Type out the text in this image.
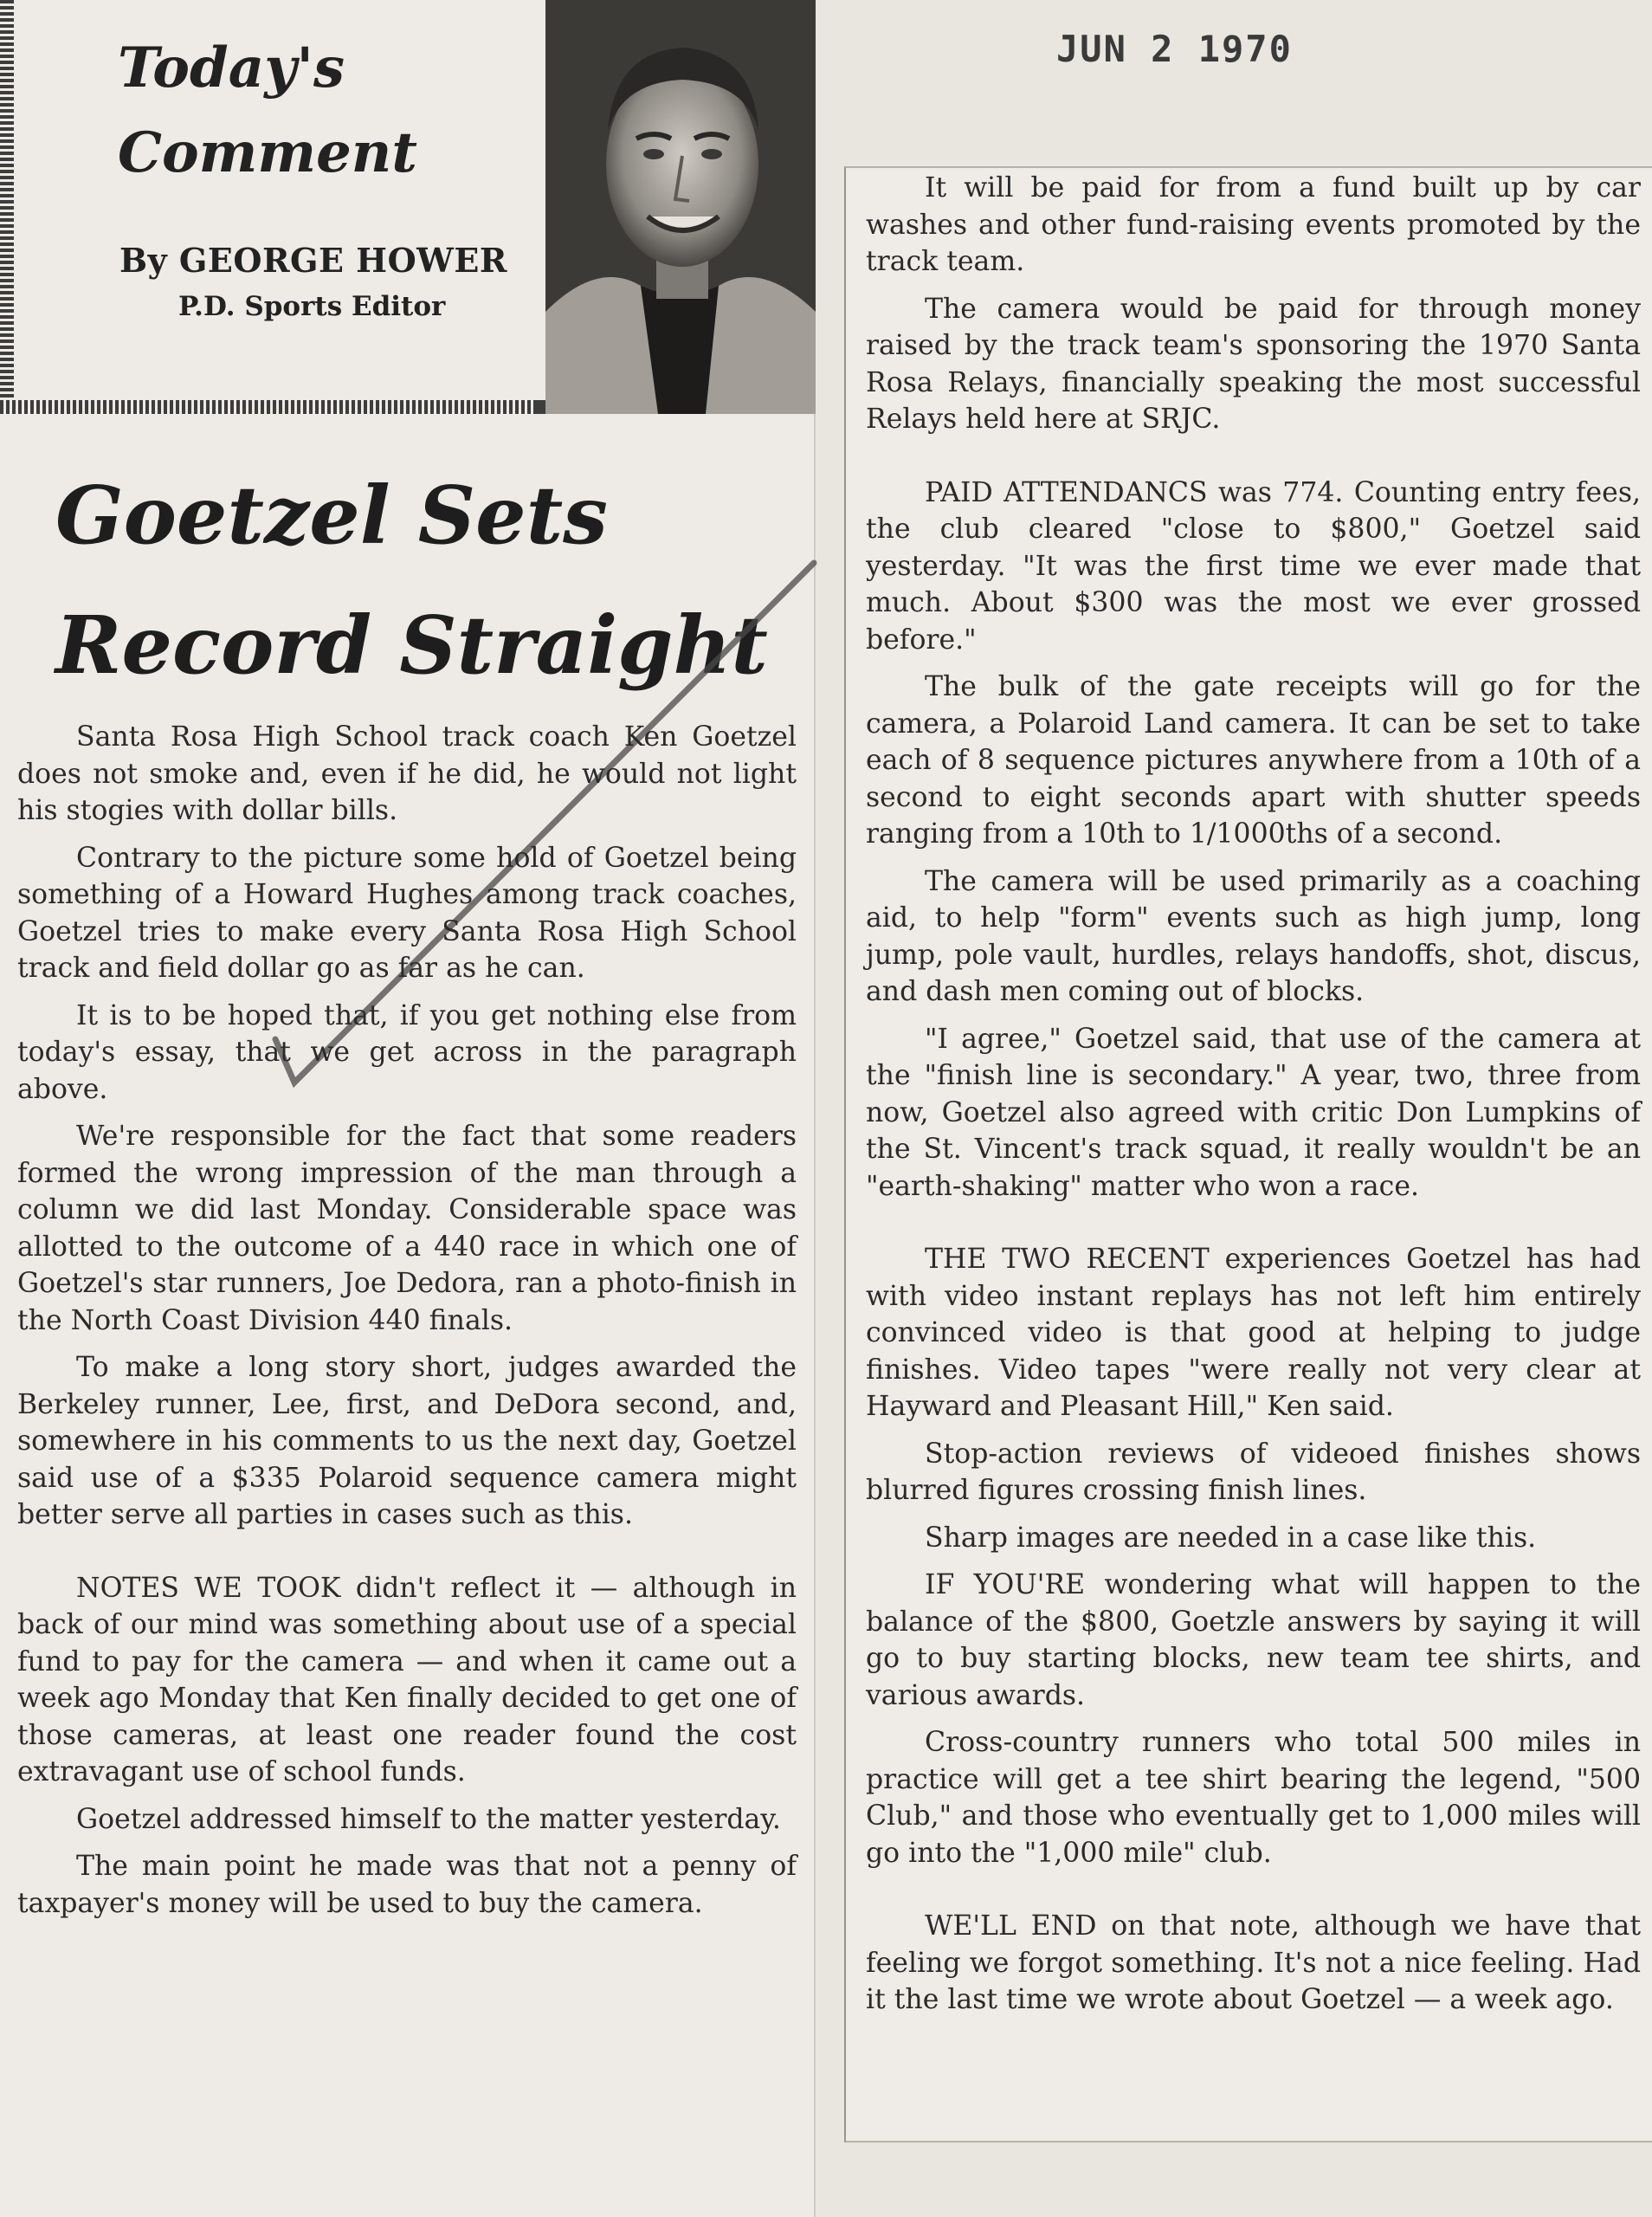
JUN 2 1970
Today's
Comment
By GEORGE HOWER
P.D. Sports Editor
Goetzel Sets
Record Straight

Santa Rosa High School track coach Ken Goetzel does not smoke and, even if he did, he would not light his stogies with dollar bills.

Contrary to the picture some hold of Goetzel being something of a Howard Hughes among track coaches, Goetzel tries to make every Santa Rosa High School track and field dollar go as far as he can.

It is to be hoped that, if you get nothing else from today's essay, that we get across in the paragraph above.

We're responsible for the fact that some readers formed the wrong impression of the man through a column we did last Monday. Considerable space was allotted to the outcome of a 440 race in which one of Goetzel's star runners, Joe Dedora, ran a photo-finish in the North Coast Division 440 finals.

To make a long story short, judges awarded the Berkeley runner, Lee, first, and DeDora second, and, somewhere in his comments to us the next day, Goetzel said use of a $335 Polaroid sequence camera might better serve all parties in cases such as this.

NOTES WE TOOK didn't reflect it — although in back of our mind was something about use of a special fund to pay for the camera — and when it came out a week ago Monday that Ken finally decided to get one of those cameras, at least one reader found the cost extravagant use of school funds.

Goetzel addressed himself to the matter yesterday.

The main point he made was that not a penny of taxpayer's money will be used to buy the camera.

It will be paid for from a fund built up by car washes and other fund-raising events promoted by the track team.

The camera would be paid for through money raised by the track team's sponsoring the 1970 Santa Rosa Relays, financially speaking the most successful Relays held here at SRJC.

PAID ATTENDANCS was 774. Counting entry fees, the club cleared "close to $800," Goetzel said yesterday. "It was the first time we ever made that much. About $300 was the most we ever grossed before."

The bulk of the gate receipts will go for the camera, a Polaroid Land camera. It can be set to take each of 8 sequence pictures anywhere from a 10th of a second to eight seconds apart with shutter speeds ranging from a 10th to 1/1000ths of a second.

The camera will be used primarily as a coaching aid, to help "form" events such as high jump, long jump, pole vault, hurdles, relays handoffs, shot, discus, and dash men coming out of blocks.

"I agree," Goetzel said, that use of the camera at the "finish line is secondary." A year, two, three from now, Goetzel also agreed with critic Don Lumpkins of the St. Vincent's track squad, it really wouldn't be an "earth-shaking" matter who won a race.

THE TWO RECENT experiences Goetzel has had with video instant replays has not left him entirely convinced video is that good at helping to judge finishes. Video tapes "were really not very clear at Hayward and Pleasant Hill," Ken said.

Stop-action reviews of videoed finishes shows blurred figures crossing finish lines.

Sharp images are needed in a case like this.

IF YOU'RE wondering what will happen to the balance of the $800, Goetzle answers by saying it will go to buy starting blocks, new team tee shirts, and various awards.

Cross-country runners who total 500 miles in practice will get a tee shirt bearing the legend, "500 Club," and those who eventually get to 1,000 miles will go into the "1,000 mile" club.

WE'LL END on that note, although we have that feeling we forgot something. It's not a nice feeling. Had it the last time we wrote about Goetzel — a week ago.
